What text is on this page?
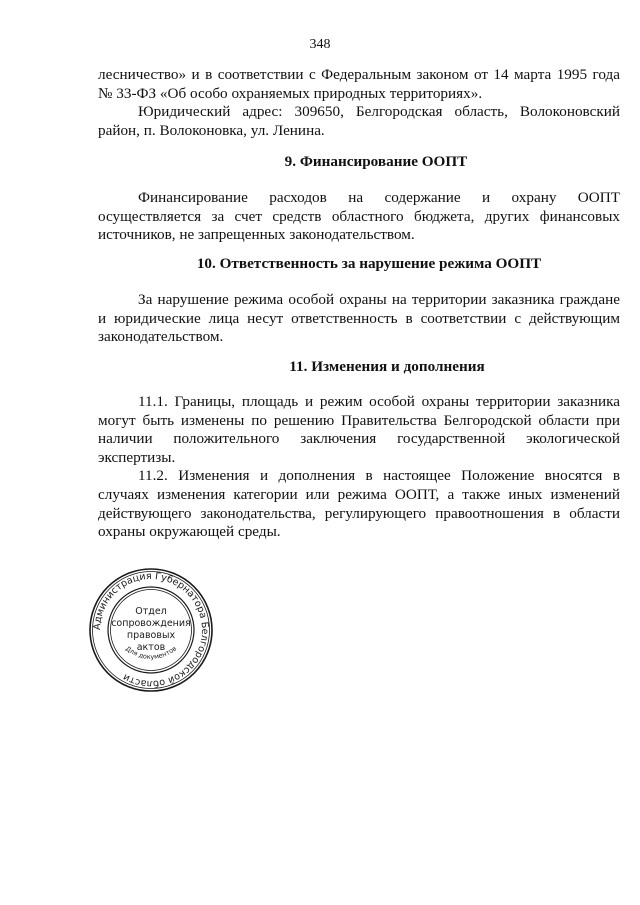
348

лесничество» и в соответствии с Федеральным законом от 14 марта 1995 года № 33-ФЗ «Об особо охраняемых природных территориях».

Юридический адрес: 309650, Белгородская область, Волоконовский район, п. Волоконовка, ул. Ленина.

9. Финансирование ООПТ

Финансирование расходов на содержание и охрану ООПТ осуществляется за счет средств областного бюджета, других финансовых источников, не запрещенных законодательством.

10. Ответственность за нарушение режима ООПТ

За нарушение режима особой охраны на территории заказника граждане и юридические лица несут ответственность в соответствии с действующим законодательством.

11. Изменения и дополнения

11.1. Границы, площадь и режим особой охраны территории заказника могут быть изменены по решению Правительства Белгородской области при наличии положительного заключения государственной экологической экспертизы.

11.2. Изменения и дополнения в настоящее Положение вносятся в случаях изменения категории или режима ООПТ, а также иных изменений действующего законодательства, регулирующего правоотношения в области охраны окружающей среды.

Администрация Губернатора Белгородской области
Отдел
сопровождения
правовых
актов
Для документов
